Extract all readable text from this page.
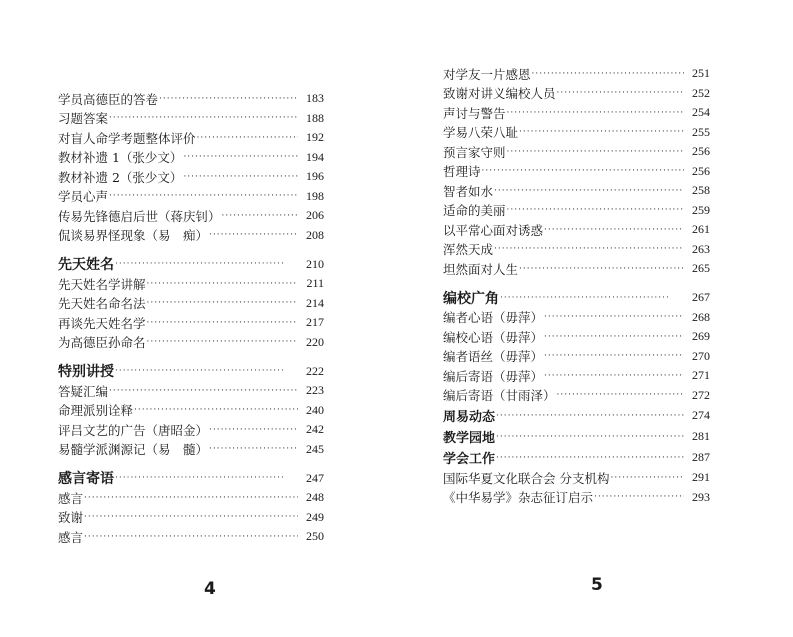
学员高德臣的答卷 ·····	183
习题答案 ·····	188
对盲人命学考题整体评价 ·····	192
教材补遗 1（张少文） ·····	194
教材补遗 2（张少文） ·····	196
学员心声 ·····	198
传易先锋德启后世（蒋庆钊） ·····	206
侃谈易界怪现象（易　痴） ·····	208
先天姓名 ·····	210
先天姓名学讲解 ·····	211
先天姓名命名法 ·····	214
再谈先天姓名学 ·····	217
为高德臣孙命名 ·····	220
特别讲授 ·····	222
答疑汇编 ·····	223
命理派别诠释 ·····	240
评吕文艺的广告（唐昭金） ·····	242
易髓学派渊源记（易　髓） ·····	245
感言寄语 ·····	247
感言 ·····	248
致谢 ·····	249
感言 ·····	250
对学友一片感恩 ·····	251
致谢对讲义编校人员 ·····	252
声讨与警告 ·····	254
学易八荣八耻 ·····	255
预言家守则 ·····	256
哲理诗 ·····	256
智者如水 ·····	258
适命的美丽 ·····	259
以平常心面对诱惑 ·····	261
浑然天成 ·····	263
坦然面对人生 ·····	265
编校广角 ·····	267
编者心语（毋萍） ·····	268
编校心语（毋萍） ·····	269
编者语丝（毋萍） ·····	270
编后寄语（毋萍） ·····	271
编后寄语（甘雨泽） ·····	272
周易动态 ·····	274
教学园地 ·····	281
学会工作 ·····	287
国际华夏文化联合会 分支机构 ·····	291
《中华易学》杂志征订启示 ·····	293
4	5
